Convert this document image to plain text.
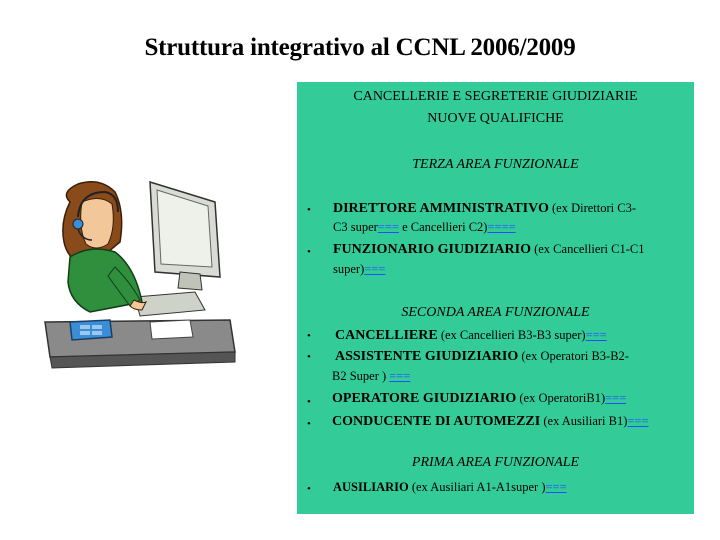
Struttura integrativo al CCNL 2006/2009
CANCELLERIE E SEGRETERIE GIUDIZIARIE
NUOVE QUALIFICHE
TERZA AREA FUNZIONALE
• DIRETTORE AMMINISTRATIVO (ex Direttori C3-
C3 super=== e Cancellieri C2)====
• FUNZIONARIO GIUDIZIARIO (ex Cancellieri C1-C1
super)===
SECONDA AREA FUNZIONALE
• CANCELLIERE (ex Cancellieri B3-B3 super)===
• ASSISTENTE GIUDIZIARIO (ex Operatori B3-B2-
B2 Super ) ===
• OPERATORE GIUDIZIARIO (ex OperatoriB1)===
• CONDUCENTE DI AUTOMEZZI (ex Ausiliari B1)===
PRIMA AREA FUNZIONALE
• AUSILIARIO (ex Ausiliari A1-A1super )===
